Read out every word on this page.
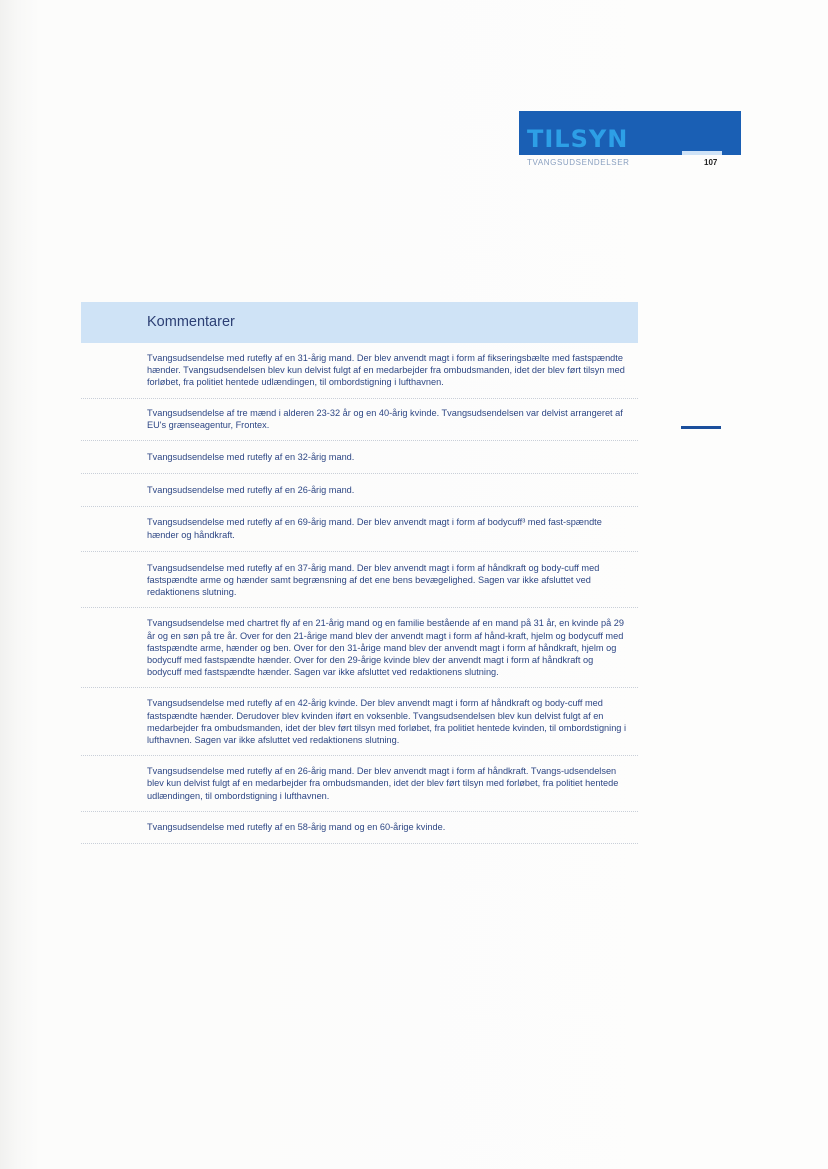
TILSYN
TVANGSUDSENDELSER	107
Kommentarer
Tvangsudsendelse med rutefly af en 31-årig mand. Der blev anvendt magt i form af fikseringsbælte med fastspændte hænder. Tvangsudsendelsen blev kun delvist fulgt af en medarbejder fra ombudsmanden, idet der blev ført tilsyn med forløbet, fra politiet hentede udlændingen, til ombordstigning i lufthavnen.
Tvangsudsendelse af tre mænd i alderen 23-32 år og en 40-årig kvinde. Tvangsudsendelsen var delvist arrangeret af EU's grænseagentur, Frontex.
Tvangsudsendelse med rutefly af en 32-årig mand.
Tvangsudsendelse med rutefly af en 26-årig mand.
Tvangsudsendelse med rutefly af en 69-årig mand. Der blev anvendt magt i form af bodycuff³ med fast-spændte hænder og håndkraft.
Tvangsudsendelse med rutefly af en 37-årig mand. Der blev anvendt magt i form af håndkraft og body-cuff med fastspændte arme og hænder samt begrænsning af det ene bens bevægelighed. Sagen var ikke afsluttet ved redaktionens slutning.
Tvangsudsendelse med chartret fly af en 21-årig mand og en familie bestående af en mand på 31 år, en kvinde på 29 år og en søn på tre år. Over for den 21-årige mand blev der anvendt magt i form af hånd-kraft, hjelm og bodycuff med fastspændte arme, hænder og ben. Over for den 31-årige mand blev der anvendt magt i form af håndkraft, hjelm og bodycuff med fastspændte hænder. Over for den 29-årige kvinde blev der anvendt magt i form af håndkraft og bodycuff med fastspændte hænder. Sagen var ikke afsluttet ved redaktionens slutning.
Tvangsudsendelse med rutefly af en 42-årig kvinde. Der blev anvendt magt i form af håndkraft og body-cuff med fastspændte hænder. Derudover blev kvinden iført en voksenble. Tvangsudsendelsen blev kun delvist fulgt af en medarbejder fra ombudsmanden, idet der blev ført tilsyn med forløbet, fra politiet hentede kvinden, til ombordstigning i lufthavnen. Sagen var ikke afsluttet ved redaktionens slutning.
Tvangsudsendelse med rutefly af en 26-årig mand. Der blev anvendt magt i form af håndkraft. Tvangs-udsendelsen blev kun delvist fulgt af en medarbejder fra ombudsmanden, idet der blev ført tilsyn med forløbet, fra politiet hentede udlændingen, til ombordstigning i lufthavnen.
Tvangsudsendelse med rutefly af en 58-årig mand og en 60-årige kvinde.
